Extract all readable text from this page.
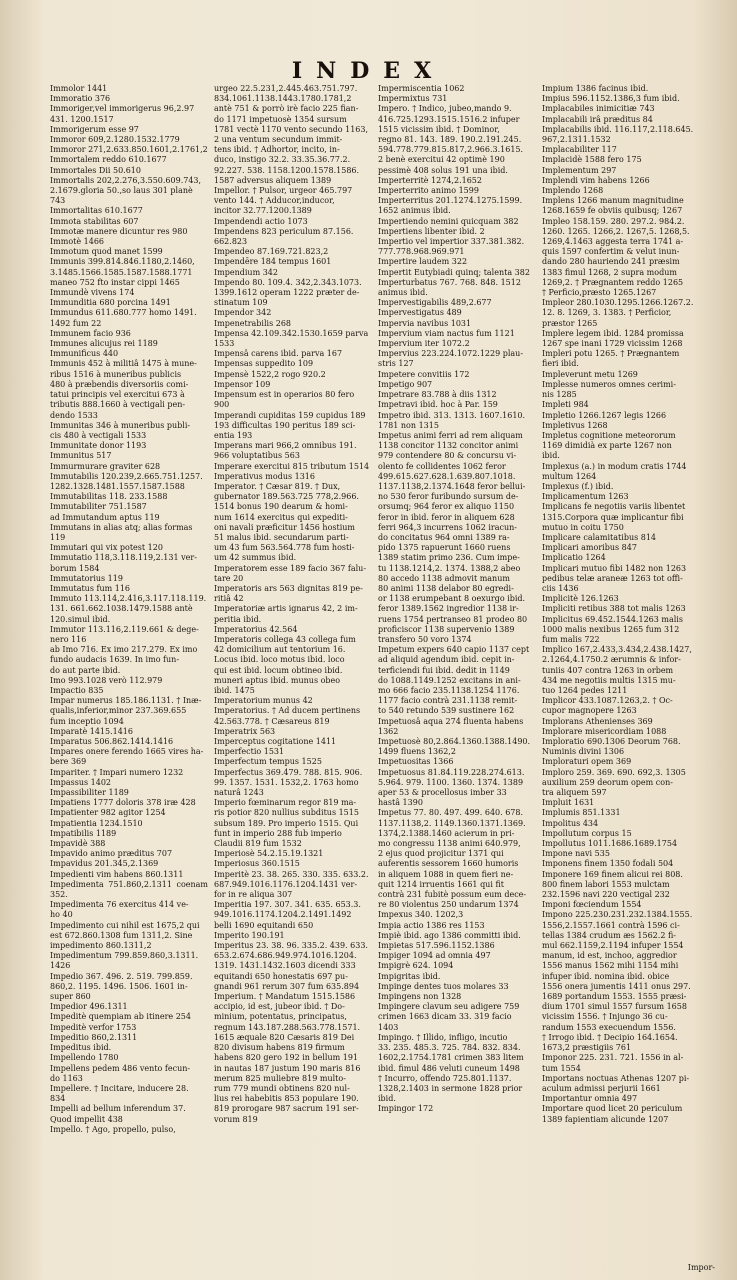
INDEX

Immolor 1441

Immoratio 376

Immoriger,vel immorigerus 96,2.97

431. 1200.1517

Immorigerum esse 97

Immoror 609,2.1280.1532.1779

Immoror 271,2.633.850.1601,2.1761,2

Immortalem reddo 610.1677

Immortales Dii 50.610

Immortalis 202,2.276,3.550.609.743,

2.1679.gloria 50.,so laus 301 planè

743

Immortalitas 610.1677

Immota stabilitas 607

Immotæ manere dicuntur res 980

Immotè 1466

Immotum quod manet 1599

Immunis 399.814.846.1180,2.1460,

3.1485.1566.1585.1587.1588.1771

maneo 752 fto instar cippi 1465

Immundè vivens 174

Immunditia 680 porcina 1491

Immundus 611.680.777 homo 1491.

1492 fum 22

Immunem facio 936

Immunes alicujus rei 1189

Immunificus 440

Immunis 452 à militiâ 1475 à mune-

ribus 1516 à muneribus publicis

480 à præbendis diversoriis comi-

tatui principis vel exercitui 673 à

tributis 888.1660 à vectigali pen-

dendo 1533

Immunitas 346 à muneribus publi-

cis 480 à vectigali 1533

Immunitate donor 1193

Immunitus 517

Immurmurare graviter 628

Immutabilis 120.239,2.665.751.1257.

1282.1328.1481.1557.1587.1588

Immutabilitas 118. 233.1588

Immutabiliter 751.1587

ad Immutandum aptus 119

Immutans in alias atq; alias formas

119

Immutari qui vix potest 120

Immutatio 118,3.118.119,2.131 ver-

borum 1584

Immutatorius 119

Immutatus fum 116

Immuto 113.114,2.416,3.117.118.119.

131. 661.662.1038.1479.1588 antè

120.simul ibid.

Immutor 113.116,2.119.661 & dege-

nero 116

ab Imo 716. Ex imo 217.279. Ex imo

fundo audacis 1639. In imo fun-

do aut parte ibid.

Imo 993.1028 verò 112.979

Impactio 835

Impar numerus 185.186.1131. † Inæ-

qualis,inferior,minor 237.369.655

fum inceptio 1094

Imparatè 1415.1416

Imparatus 506.862.1414.1416

Impares onere ferendo 1665 vires ha-

bere 369

Impariter. † Impari numero 1232

Impassus 1402

Impassibiliter 1189

Impatiens 1777 doloris 378 iræ 428

Impatienter 982 agitor 1254

Impatientia 1234.1510

Impatibilis 1189

Impavidè 388

Impavido animo præditus 707

Impavidus 201.345,2.1369

Impedienti vim habens 860.1311

Impedimenta 751.860,2.1311 coenam 352.

Impedimenta 76 exercitus 414 ve-

ho 40

Impedimento cui nihil est 1675,2 qui

est 672.860.1308 fum 1311,2. Sine

impedimento 860.1311,2

Impedimentum 799.859.860,3.1311.

1426

Impedio 367. 496. 2. 519. 799.859.

860,2. 1195. 1496. 1506. 1601 in-

super 860

Impedior 496.1311

Impeditè quempiam ab itinere 254

Impeditè verfor 1753

Impeditio 860,2.1311

Impeditus ibid.

Impellendo 1780

Impellens pedem 486 vento fecun-

do 1163

Impellere. † Incitare, inducere 28.

834

Impelli ad bellum inferendum 37.

Quod impellit 438

Impello. † Ago, propello, pulso,

urgeo 22.5.231,2.445.463.751.797.

834.1061.1138.1443.1780.1781,2

antè 751 & porrò irè facio 225 fian-

do 1171 impetuosè 1354 sursum

1781 vectè 1170 vento secundo 1163,

2 una ventum secundum immit-

tens ibid. † Adhortor, incito, in-

duco, instigo 32.2. 33.35.36.77.2.

92.227. 538. 1158.1200.1578.1586.

1587 adversus aliquem 1389

Impellor. † Pulsor, urgeor 465.797

vento 144. † Adducor,inducor,

incitor 32.77.1200.1389

Impendendi actio 1073

Impendens 823 periculum 87.156.

662.823

Impendeo 87.169.721.823,2

Impendēre 184 tempus 1601

Impendium 342

Impendo 80. 109.4. 342,2.343.1073.

1399.1612 operam 1222 præter de-

stinatum 109

Impendor 342

Impenetrabilis 268

Impensa 42.109.342.1530.1659 parva

1533

Impensâ carens ibid. parva 167

Impensas suppedito 109

Impensè 1522,2 rogo 920.2

Impensor 109

Impensum est in operarios 80 fero

900

Imperandi cupiditas 159 cupidus 189

193 difficultas 190 peritus 189 sci-

entia 193

Imperans mari 966,2 omnibus 191.

966 voluptatibus 563

Imperare exercitui 815 tributum 1514

Imperativus modus 1316

Imperator. † Cæsar 819. † Dux,

gubernator 189.563.725 778,2.966.

1514 bonus 190 dearum & homi-

num 1614 exercitus qui expediti-

oni navali præficitur 1456 hostium

51 malus ibid. secundarum parti-

um 43 fum 563.564.778 fum hosti-

um 42 summus ibid.

Imperatorem esse 189 facio 367 falu-

tare 20

Imperatoris ars 563 dignitas 819 pe-

ritiâ 42

Imperatoriæ artis ignarus 42, 2 im-

peritia ibid.

Imperatorius 42.564

Imperatoris collega 43 collega fum

42 domicilium aut tentorium 16.

Locus ibid. loco motus ibid. loco

qui est ibid. locum obtineo ibid.

muneri aptus ibid. munus obeo

ibid. 1475

Imperatorium munus 42

Imperatorius. † Ad ducem pertinens

42.563.778. † Cæsareus 819

Imperatrix 563

Imperceptus cogitatione 1411

Imperfectio 1531

Imperfectum tempus 1525

Imperfectus 369.479. 788. 815. 906.

99. 1357. 1531. 1532,2. 1763 homo

naturâ 1243

Imperio fœminarum regor 819 ma-

ris potior 820 nullius subditus 1515

subsum 189. Pro imperio 1515. Qui

funt in imperio 288 fub imperio

Claudii 819 fum 1532

Imperiosè 54.2.15.19.1321

Imperiosus 360.1515

Imperitè 23. 38. 265. 330. 335. 633.2.

687.949.1016.1176.1204.1431 ver-

for in re aliqua 307

Imperitia 197. 307. 341. 635. 653.3.

949.1016.1174.1204.2.1491.1492

belli 1690 equitandi 650

Imperito 190.191

Imperitus 23. 38. 96. 335.2. 439. 633.

653.2.674.686.949.974.1016.1204.

1319. 1431.1432.1603 dicendi 333

equitandi 650 honestatis 697 pu-

gnandi 961 rerum 307 fum 635.894

Imperium. † Mandatum 1515.1586

accipio, id est, jubeor ibid. † Do-

minium, potentatus, principatus,

regnum 143.187.288.563.778.1571.

1615 æquale 820 Cæsaris 819 Dei

820 divisum habens 819 firmum

habens 820 gero 192 in bellum 191

in nautas 187 justum 190 maris 816

merum 825 muliebre 819 multo-

rum 779 mundi obtinens 820 nul-

lius rei habebitis 853 populare 190.

819 prorogare 987 sacrum 191 ser-

vorum 819

Impermiscentia 1062

Impermixtus 731

Impero. † Indico, jubeo,mando 9.

416.725.1293.1515.1516.2 infuper

1515 vicissim ibid. † Dominor,

regno 81. 143. 189. 190.2.191.245.

594.778.779.815.817,2.966.3.1615.

2 benè exercitui 42 optimè 190

pessimè 408 solus 191 una ibid.

Imperterritè 1274,2.1652

Imperterrito animo 1599

Imperterritus 201.1274.1275.1599.

1652 animus ibid.

Impertiendo nemini quicquam 382

Impertiens libenter ibid. 2

Impertio vel impertior 337.381.382.

777.778.968.969.971

Impertire laudem 322

Impertit Eutybiadi quinq; talenta 382

Imperturbatus 767. 768. 848. 1512

animus ibid.

Impervestigabilis 489,2.677

Impervestigatus 489

Impervia navibus 1031

Impervium viam nactus fum 1121

Impervium iter 1072.2

Impervius 223.224.1072.1229 plau-

stris 127

Impetere convitiis 172

Impetigo 907

Impetrare 83.788 à diis 1312

Impetravi ibid. hoc à Par. 159

Impetro ibid. 313. 1313. 1607.1610.

1781 non 1315

Impetus animi ferri ad rem aliquam

1138 concitor 1132 concitor animi

979 contendere 80 & concursu vi-

olento fe collidentes 1062 feror

499.615.627.628.1.639.807.1018.

1137.1138,2.1374.1648 feror bellui-

no 530 feror furibundo sursum de-

orsumq; 964 feror ex aliquo 1150

feror in ibid. feror in aliquem 628

ferri 964,3 incurrens 1062 iracun-

do concitatus 964 omni 1389 ra-

pido 1375 rapuerunt 1660 ruens

1389 statim primo 236. Cum impe-

tu 1138.1214,2. 1374. 1388,2 abeo

80 accedo 1138 admovit manum

80 animi 1138 delabor 80 egredi-

or 1138 erumpebant 8 oexurgo ibid.

feror 1389.1562 ingredior 1138 ir-

ruens 1754 pertranseo 81 prodeo 80

proficiscor 1138 supervenio 1389

transfero 50 voro 1374

Impetum expers 640 capio 1137 cept

ad aliquid agendum ibid. cepit in-

terficiendi fui ibid. dedit in 1149

do 1088.1149.1252 excitans in ani-

mo 666 facio 235.1138.1254 1176.

1177 facio contrà 231.1138 remit-

to 540 retundo 539 sustinere 162

Impetuosâ aqua 274 fluenta habens

1362

Impetuosè 80,2.864.1360.1388.1490.

1499 fluens 1362,2

Impetuositas 1366

Impetuosus 81.84.119.228.274.613.

5.964. 979. 1100. 1360. 1374. 1389

aper 53 & procellosus imber 33

hastâ 1390

Impetus 77. 80. 497. 499. 640. 678.

1137.1138,2. 1149.1360.1371.1369.

1374,2.1388.1460 acierum in pri-

mo congressu 1138 animi 640.979,

2 ejus quod projicitur 1371 qui

auferentis sessorem 1660 humoris

in aliquem 1088 in quem fieri ne-

quit 1214 irruentis 1661 qui fit

contrà 231 fubitè possum eum dece-

re 80 violentus 250 undarum 1374

Impexus 340. 1202,3

Impia actio 1386 res 1153

Impiè ibid. ago 1386 committi ibid.

Impietas 517.596.1152.1386

Impiger 1094 ad omnia 497

Impigrè 624. 1094

Impigritas ibid.

Impinge dentes tuos molares 33

Impingens non 1328

Impingere clavum seu adigere 759

crimen 1663 dicam 33. 319 facio

1403

Impingo. † Illido, infligo, incutio

33. 235. 485.3. 725. 784. 832. 834.

1602,2.1754.1781 crimen 383 litem

ibid. fimul 486 veluti cuneum 1498

† Incurro, offendo 725.801.1137.

1328,2.1403 in sermone 1828 prior

ibid.

Impingor 172

Impium 1386 facinus ibid.

Impius 596.1152.1386,3 fum ibid.

Implacabiles inimicitiæ 743

Implacabili irâ præditus 84

Implacabilis ibid. 116.117,2.118.645.

967,2.1311.1532

Implacabiliter 117

Implacidè 1588 fero 175

Implementum 297

Implendi vim habens 1266

Implendo 1268

Implens 1266 manum magnitudine

1268.1659 fe obviis quibusq; 1267

Impleo 158.159. 280. 297.2. 984.2.

1260. 1265. 1266,2. 1267,5. 1268,5.

1269,4.1463 aggesta terra 1741 a-

quis 1597 confertim & velut inun-

dando 280 hauriendo 241 præsim

1383 fimul 1268, 2 supra modum

1269,2. † Prægnantem reddo 1265

† Perficio,præsto 1265.1267

Impleor 280.1030.1295.1266.1267.2.

12. 8. 1269, 3. 1383. † Perficior,

præstor 1265

Implere legem ibid. 1284 promissa

1267 spe inani 1729 vicissim 1268

Impleri potu 1265. † Prægnantem

fieri ibid.

Impleverunt metu 1269

Implesse numeros omnes cerimi-

nis 1285

Impleti 984

Impletio 1266.1267 legis 1266

Impletivus 1268

Impletus cognitione meteororum

1169 dimidià ex parte 1267 non

ibid.

Implexus (a.) in modum cratis 1744

multum 1264

Implexus (f.) ibid.

Implicamentum 1263

Implicans fe negotiis variis libentet

1315.Corpora quæ implicantur fibi

mutuo in coitu 1750

Implicare calamitatibus 814

Implicari amoribus 847

Implicatio 1264

Implicari mutuo fibi 1482 non 1263

pedibus telæ araneæ 1263 tot offi-

ciis 1436

Implicitè 126.1263

Impliciti retibus 388 tot malis 1263

Implicitus 69.452.1544.1263 malis

1000 malis nexibus 1265 fum 312

fum malis 722

Implico 167,2.433,3.434,2.438.1427,

2.1264,4.1750.2 ærumnis & infor-

tuniis 407 contra 1263 in orbem

434 me negotiis multis 1315 mu-

tuo 1264 pedes 1211

Implicor 433.1087.1263,2. † Oc-

cupor magnopere 1263

Implorans Athenienses 369

Implorare misericordiam 1088

Imploratio 690.1306 Deorum 768.

Numinis divini 1306

Imploraturi opem 369

Imploro 259. 369. 690. 692,3. 1305

auxilium 259 deorum opem con-

tra aliquem 597

Impluit 1631

Implumis 851.1331

Impolitus 434

Impollutum corpus 15

Impollutus 1011.1686.1689.1754

Impone navi 535

Imponens finem 1350 fodali 504

Imponere 169 finem alicui rei 808.

800 finem labori 1553 mulctam

232.1596 navi 220 vectigal 232

Imponi fœciendum 1554

Impono 225.230.231.232.1384.1555.

1556,2.1557.1661 contrà 1596 ci-

tellas 1384 crudum æs 1562.2 fi-

mul 662.1159,2.1194 infuper 1554

manum, id est, inchoo, aggredior

1556 manus 1562 mihi 1154 mihi

infuper ibid. nomina ibid. obice

1556 onera jumentis 1411 onus 297.

1689 portandum 1553. 1555 præsi-

dium 1701 simul 1557 fursum 1658

vicissim 1556. † Injungo 36 cu-

randum 1553 execuendum 1556.

† Irrogo ibid. † Decipio 164.1654.

1673,2 præstigiis 761

Imponor 225. 231. 721. 1556 in al-

tum 1554

Importans noctuas Athenas 1207 pi-

aculum admissi perjurii 1661

Importantur omnia 497

Importare quod licet 20 periculum

1389 fapientiam alicunde 1207

Impor-
